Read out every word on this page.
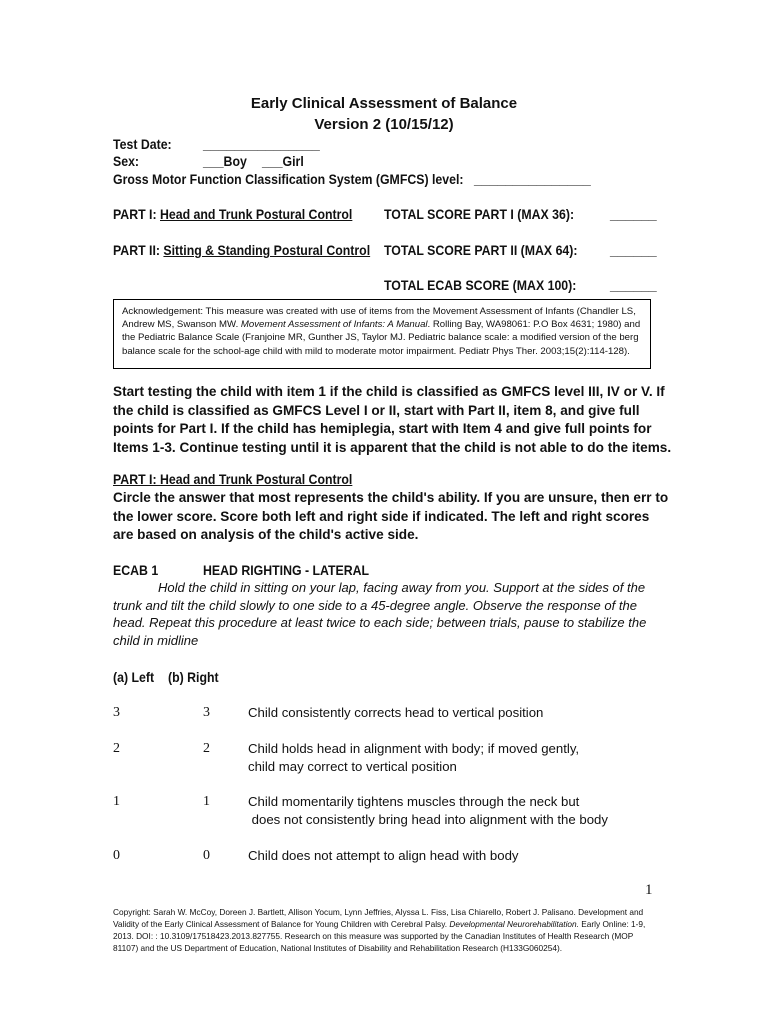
Early Clinical Assessment of Balance
Version 2 (10/15/12)
Test Date: _______________
Sex:	___Boy ___Girl
Gross Motor Function Classification System (GMFCS) level: _______________
PART I: Head and Trunk Postural Control TOTAL SCORE PART I (MAX 36):	______
PART II: Sitting & Standing Postural Control TOTAL SCORE PART II (MAX 64): ______
TOTAL ECAB SCORE (MAX 100): ______
Acknowledgement: This measure was created with use of items from the Movement Assessment of Infants (Chandler LS, Andrew MS, Swanson MW. Movement Assessment of Infants: A Manual. Rolling Bay, WA98061: P.O Box 4631; 1980) and the Pediatric Balance Scale (Franjoine MR, Gunther JS, Taylor MJ. Pediatric balance scale: a modified version of the berg balance scale for the school-age child with mild to moderate motor impairment. Pediatr Phys Ther. 2003;15(2):114-128).
Start testing the child with item 1 if the child is classified as GMFCS level III, IV or V. If the child is classified as GMFCS Level I or II, start with Part II, item 8, and give full points for Part I. If the child has hemiplegia, start with Item 4 and give full points for Items 1-3. Continue testing until it is apparent that the child is not able to do the items.
PART I: Head and Trunk Postural Control
Circle the answer that most represents the child's ability. If you are unsure, then err to the lower score. Score both left and right side if indicated. The left and right scores are based on analysis of the child's active side.
ECAB 1	HEAD RIGHTING - LATERAL
Hold the child in sitting on your lap, facing away from you. Support at the sides of the trunk and tilt the child slowly to one side to a 45-degree angle. Observe the response of the head. Repeat this procedure at least twice to each side; between trials, pause to stabilize the child in midline
(a) Left (b) Right
3	3	Child consistently corrects head to vertical position
2	2	Child holds head in alignment with body; if moved gently,
child may correct to vertical position
1	1	Child momentarily tightens muscles through the neck but
does not consistently bring head into alignment with the body
0	0	Child does not attempt to align head with body
1
Copyright: Sarah W. McCoy, Doreen J. Bartlett, Allison Yocum, Lynn Jeffries, Alyssa L. Fiss, Lisa Chiarello, Robert J. Palisano. Development and Validity of the Early Clinical Assessment of Balance for Young Children with Cerebral Palsy. Developmental Neurorehabilitation. Early Online: 1-9, 2013. DOI: : 10.3109/17518423.2013.827755. Research on this measure was supported by the Canadian Institutes of Health Research (MOP 81107) and the US Department of Education, National Institutes of Disability and Rehabilitation Research (H133G060254).
